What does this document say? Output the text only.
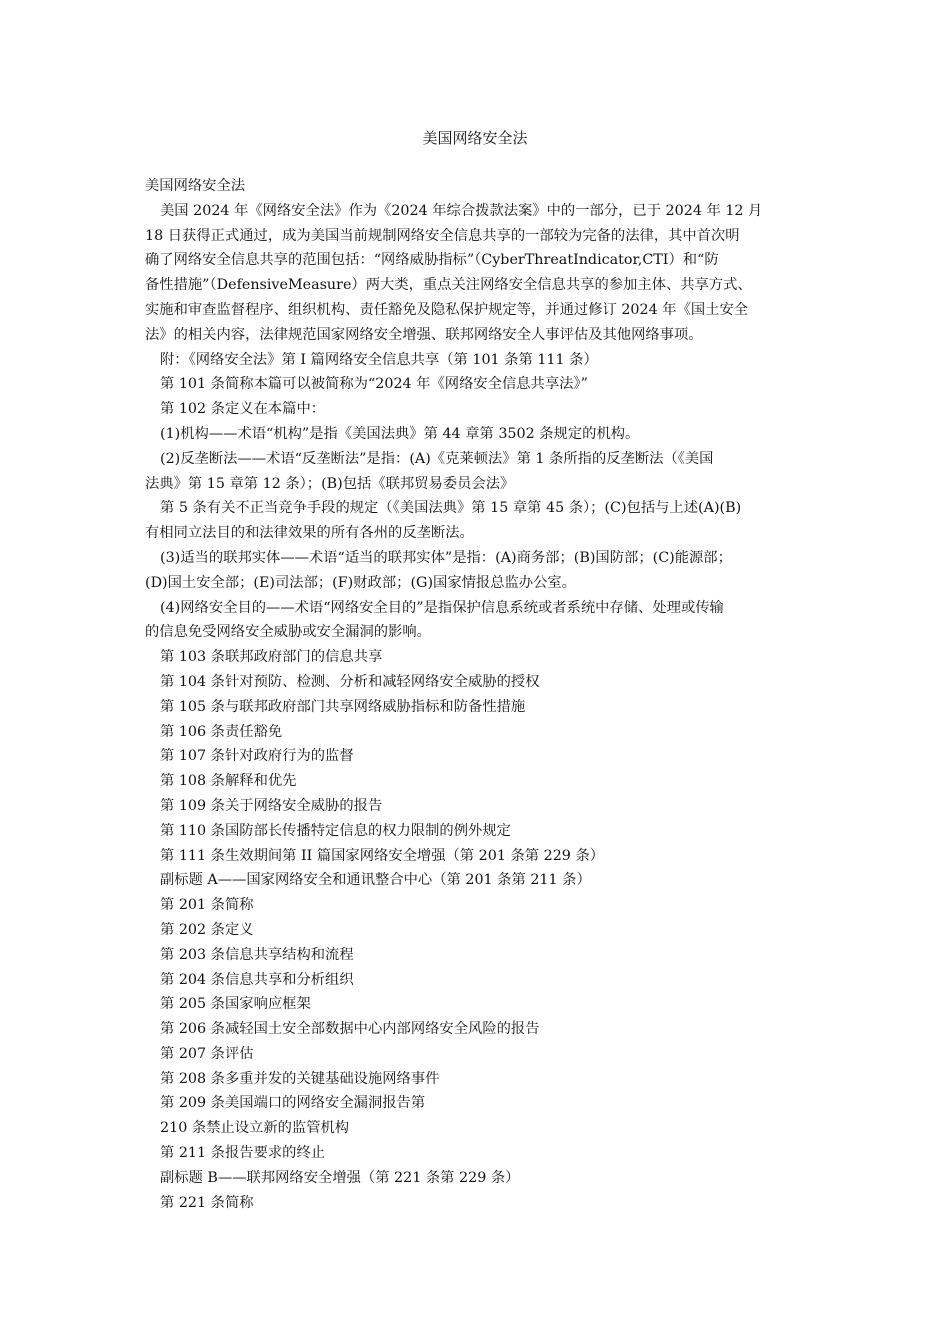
美国网络安全法
美国网络安全法
美国 2024 年《网络安全法》作为《2024 年综合拨款法案》中的一部分，已于 2024 年 12 月
18 日获得正式通过，成为美国当前规制网络安全信息共享的一部较为完备的法律，其中首次明
确了网络安全信息共享的范围包括：“网络威胁指标”（CyberThreatIndicator,CTI）和“防
备性措施”（DefensiveMeasure）两大类，重点关注网络安全信息共享的参加主体、共享方式、
实施和审查监督程序、组织机构、责任豁免及隐私保护规定等，并通过修订 2024 年《国土安全
法》的相关内容，法律规范国家网络安全增强、联邦网络安全人事评估及其他网络事项。
附：《网络安全法》第 I 篇网络安全信息共享（第 101 条第 111 条）
第 101 条简称本篇可以被简称为“2024 年《网络安全信息共享法》”
第 102 条定义在本篇中：
(1)机构——术语“机构”是指《美国法典》第 44 章第 3502 条规定的机构。
(2)反垄断法——术语“反垄断法”是指：(A)《克莱顿法》第 1 条所指的反垄断法（《美国
法典》第 15 章第 12 条）；(B)包括《联邦贸易委员会法》
第 5 条有关不正当竞争手段的规定（《美国法典》第 15 章第 45 条）；(C)包括与上述(A)(B)
有相同立法目的和法律效果的所有各州的反垄断法。
(3)适当的联邦实体——术语“适当的联邦实体”是指：(A)商务部；(B)国防部；(C)能源部；
(D)国土安全部；(E)司法部；(F)财政部；(G)国家情报总监办公室。
(4)网络安全目的——术语“网络安全目的”是指保护信息系统或者系统中存储、处理或传输
的信息免受网络安全威胁或安全漏洞的影响。
第 103 条联邦政府部门的信息共享
第 104 条针对预防、检测、分析和减轻网络安全威胁的授权
第 105 条与联邦政府部门共享网络威胁指标和防备性措施
第 106 条责任豁免
第 107 条针对政府行为的监督
第 108 条解释和优先
第 109 条关于网络安全威胁的报告
第 110 条国防部长传播特定信息的权力限制的例外规定
第 111 条生效期间第 II 篇国家网络安全增强（第 201 条第 229 条）
副标题 A——国家网络安全和通讯整合中心（第 201 条第 211 条）
第 201 条简称
第 202 条定义
第 203 条信息共享结构和流程
第 204 条信息共享和分析组织
第 205 条国家响应框架
第 206 条减轻国土安全部数据中心内部网络安全风险的报告
第 207 条评估
第 208 条多重并发的关键基础设施网络事件
第 209 条美国端口的网络安全漏洞报告第
210 条禁止设立新的监管机构
第 211 条报告要求的终止
副标题 B——联邦网络安全增强（第 221 条第 229 条）
第 221 条简称
